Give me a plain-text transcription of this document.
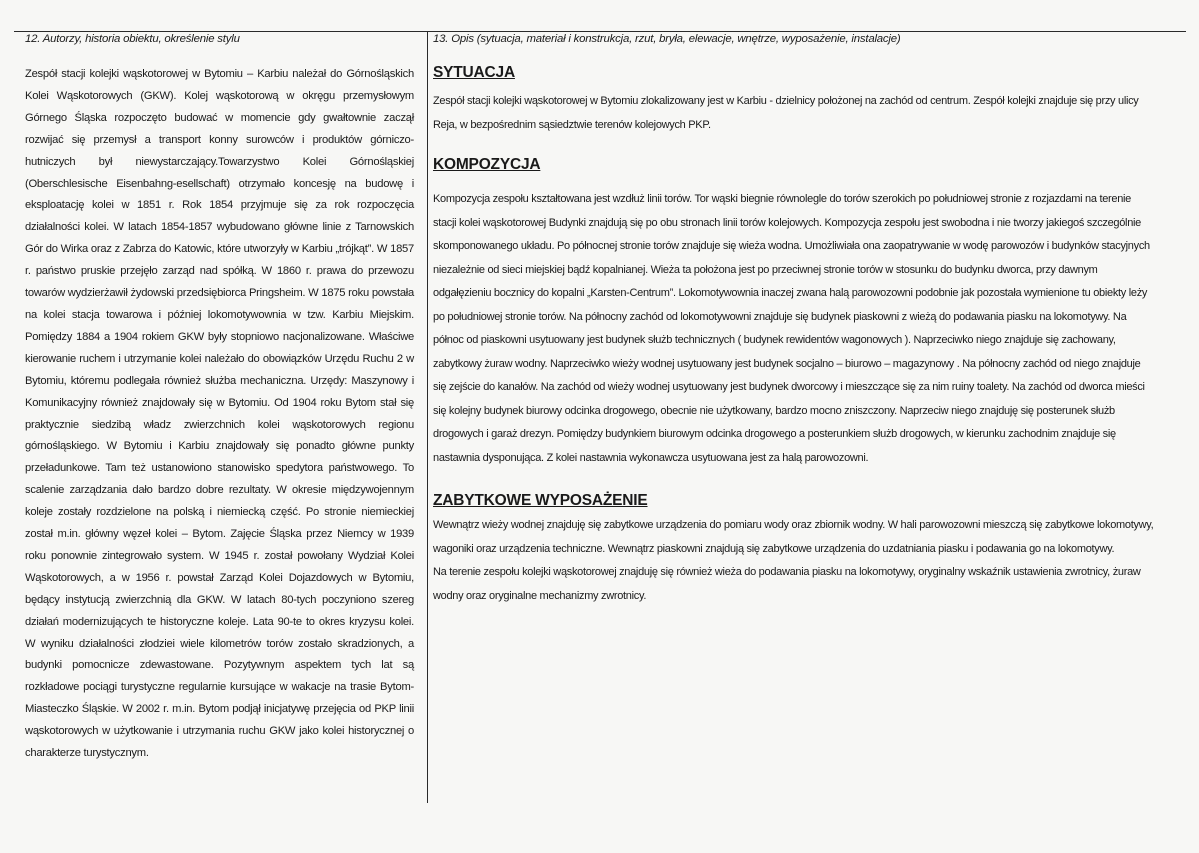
12. Autorzy, historia obiektu, określenie stylu
Zespół stacji kolejki wąskotorowej w Bytomiu – Karbiu należał do Górnośląskich Kolei Wąskotorowych (GKW). Kolej wąskotorową w okręgu przemysłowym Górnego Śląska rozpoczęto budować w momencie gdy gwałtownie zaczął rozwijać się przemysł a transport konny surowców i produktów górniczo-hutniczych był niewystarczający.Towarzystwo Kolei Górnośląskiej (Oberschlesische Eisenbahng-esellschaft) otrzymało koncesję na budowę i eksploatację kolei w 1851 r. Rok 1854 przyjmuje się za rok rozpoczęcia działalności kolei. W latach 1854-1857 wybudowano główne linie z Tarnowskich Gór do Wirka oraz z Zabrza do Katowic, które utworzyły w Karbiu „trójkąt”. W 1857 r. państwo pruskie przejęło zarząd nad spółką. W 1860 r. prawa do przewozu towarów wydzierżawił żydowski przedsiębiorca Pringsheim. W 1875 roku powstała na kolei stacja towarowa i później lokomotywownia w tzw. Karbiu Miejskim. Pomiędzy 1884 a 1904 rokiem GKW były stopniowo nacjonalizowane. Właściwe kierowanie ruchem i utrzymanie kolei należało do obowiązków Urzędu Ruchu 2 w Bytomiu, któremu podlegała również służba mechaniczna. Urzędy: Maszynowy i Komunikacyjny również znajdowały się w Bytomiu. Od 1904 roku Bytom stał się praktycznie siedzibą władz zwierzchnich kolei wąskotorowych regionu górnośląskiego. W Bytomiu i Karbiu znajdowały się ponadto główne punkty przeładunkowe. Tam też ustanowiono stanowisko spedytora państwowego. To scalenie zarządzania dało bardzo dobre rezultaty. W okresie międzywojennym koleje zostały rozdzielone na polską i niemiecką część. Po stronie niemieckiej został m.in. główny węzeł kolei – Bytom. Zajęcie Śląska przez Niemcy w 1939 roku ponownie zintegrowało system. W 1945 r. został powołany Wydział Kolei Wąskotorowych, a w 1956 r. powstał Zarząd Kolei Dojazdowych w Bytomiu, będący instytucją zwierzchnią dla GKW. W latach 80-tych poczyniono szereg działań modernizujących te historyczne koleje. Lata 90-te to okres kryzysu kolei. W wyniku działalności złodziei wiele kilometrów torów zostało skradzionych, a budynki pomocnicze zdewastowane. Pozytywnym aspektem tych lat są rozkładowe pociągi turystyczne regularnie kursujące w wakacje na trasie Bytom-Miasteczko Śląskie. W 2002 r. m.in. Bytom podjął inicjatywę przejęcia od PKP linii wąskotorowych w użytkowanie i utrzymania ruchu GKW jako kolei historycznej o charakterze turystycznym.
13. Opis (sytuacja, materiał i konstrukcja, rzut, bryła, elewacje, wnętrze, wyposażenie, instalacje)
SYTUACJA

Zespół stacji kolejki wąskotorowej w Bytomiu zlokalizowany jest w Karbiu - dzielnicy położonej na zachód od centrum. Zespół kolejki znajduje się przy ulicy Reja, w bezpośrednim sąsiedztwie terenów kolejowych PKP.

KOMPOZYCJA

Kompozycja zespołu kształtowana jest wzdłuż linii torów. Tor wąski biegnie równolegle do torów szerokich po południowej stronie z rozjazdami na terenie stacji kolei wąskotorowej Budynki znajdują się po obu stronach linii torów kolejowych. Kompozycja zespołu jest swobodna i nie tworzy jakiegoś szczególnie skomponowanego układu. Po północnej stronie torów znajduje się wieża wodna. Umożliwiała ona zaopatrywanie w wodę parowozów i budynków stacyjnych niezależnie od sieci miejskiej bądź kopalnianej. Wieża ta położona jest po przeciwnej stronie torów w stosunku do budynku dworca, przy dawnym odgałęzieniu bocznicy do kopalni „Karsten-Centrum”. Lokomotywownia inaczej zwana halą parowozowni podobnie jak pozostała wymienione tu obiekty leży po południowej stronie torów. Na północny zachód od lokomotywowni znajduje się budynek piaskowni z wieżą do podawania piasku na lokomotywy. Na północ od piaskowni usytuowany jest budynek służb technicznych ( budynek rewidentów wagonowych ). Naprzeciwko niego znajduje się zachowany, zabytkowy żuraw wodny. Naprzeciwko wieży wodnej usytuowany jest budynek socjalno – biurowo – magazynowy . Na północny zachód od niego znajduje się zejście do kanałów. Na zachód od wieży wodnej usytuowany jest budynek dworcowy i mieszczące się za nim ruiny toalety. Na zachód od dworca mieści się kolejny budynek biurowy odcinka drogowego, obecnie nie użytkowany, bardzo mocno zniszczony. Naprzeciw niego znajduję się posterunek służb drogowych i garaż drezyn. Pomiędzy budynkiem biurowym odcinka drogowego a posterunkiem służb drogowych, w kierunku zachodnim znajduje się nastawnia dysponująca. Z kolei nastawnia wykonawcza usytuowana jest za halą parowozowni.

ZABYTKOWE WYPOSAŻENIE

Wewnątrz wieży wodnej znajduję się zabytkowe urządzenia do pomiaru wody oraz zbiornik wodny. W hali parowozowni mieszczą się zabytkowe lokomotywy, wagoniki oraz urządzenia techniczne. Wewnątrz piaskowni znajdują się zabytkowe urządzenia do uzdatniania piasku i podawania go na lokomotywy.

Na terenie zespołu kolejki wąskotorowej znajduję się również wieża do podawania piasku na lokomotywy, oryginalny wskaźnik ustawienia zwrotnicy, żuraw wodny oraz oryginalne mechanizmy zwrotnicy.
